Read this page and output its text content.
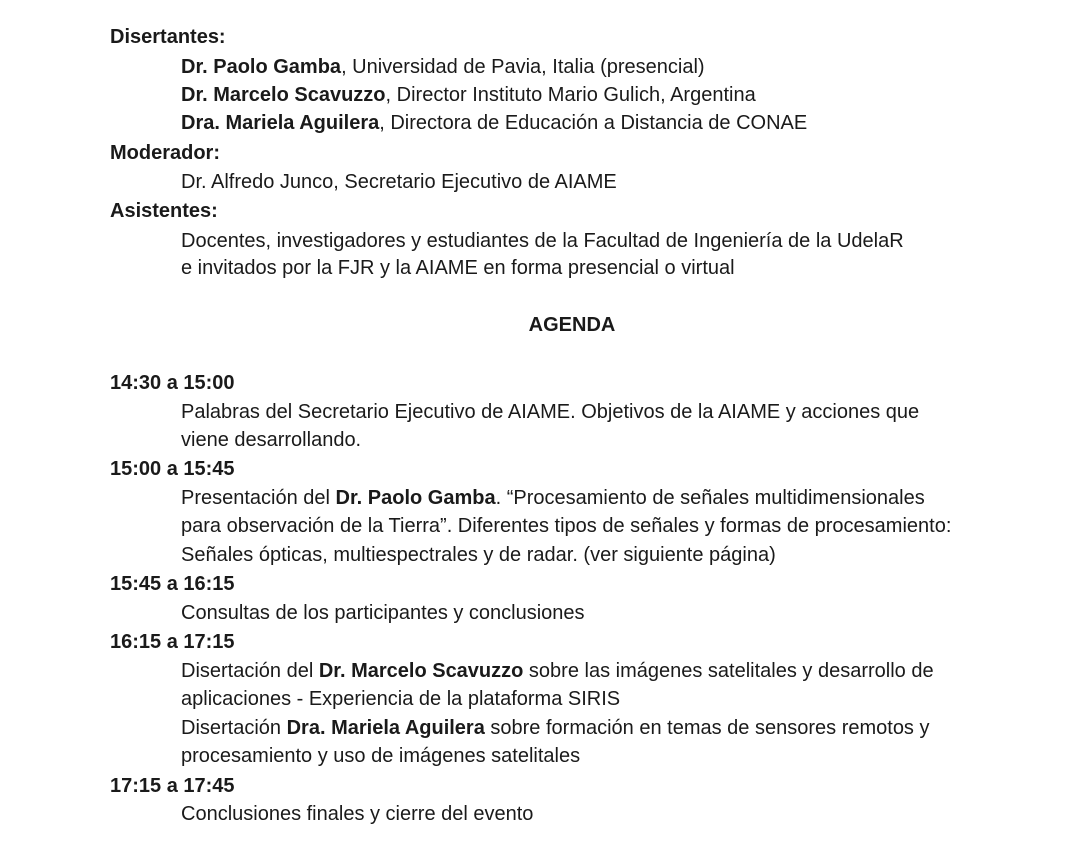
Disertantes:
Dr. Paolo Gamba, Universidad de Pavia, Italia (presencial)
Dr. Marcelo Scavuzzo, Director Instituto Mario Gulich, Argentina
Dra. Mariela Aguilera, Directora de Educación a Distancia de CONAE
Moderador:
Dr. Alfredo Junco, Secretario Ejecutivo de AIAME
Asistentes:
Docentes, investigadores y estudiantes de la Facultad de Ingeniería de la UdelaR
e invitados por la FJR y la AIAME en forma presencial o virtual
AGENDA
14:30 a 15:00
Palabras del Secretario Ejecutivo de AIAME. Objetivos de la AIAME y acciones que
viene desarrollando.
15:00 a 15:45
Presentación del Dr. Paolo Gamba. “Procesamiento de señales multidimensionales
para observación de la Tierra”. Diferentes tipos de señales y formas de procesamiento:
Señales ópticas, multiespectrales y de radar. (ver siguiente página)
15:45 a 16:15
Consultas de los participantes y conclusiones
16:15 a 17:15
Disertación del Dr. Marcelo Scavuzzo sobre las imágenes satelitales y desarrollo de
aplicaciones - Experiencia de la plataforma SIRIS
Disertación Dra. Mariela Aguilera sobre formación en temas de sensores remotos y
procesamiento y uso de imágenes satelitales
17:15 a 17:45
Conclusiones finales y cierre del evento
